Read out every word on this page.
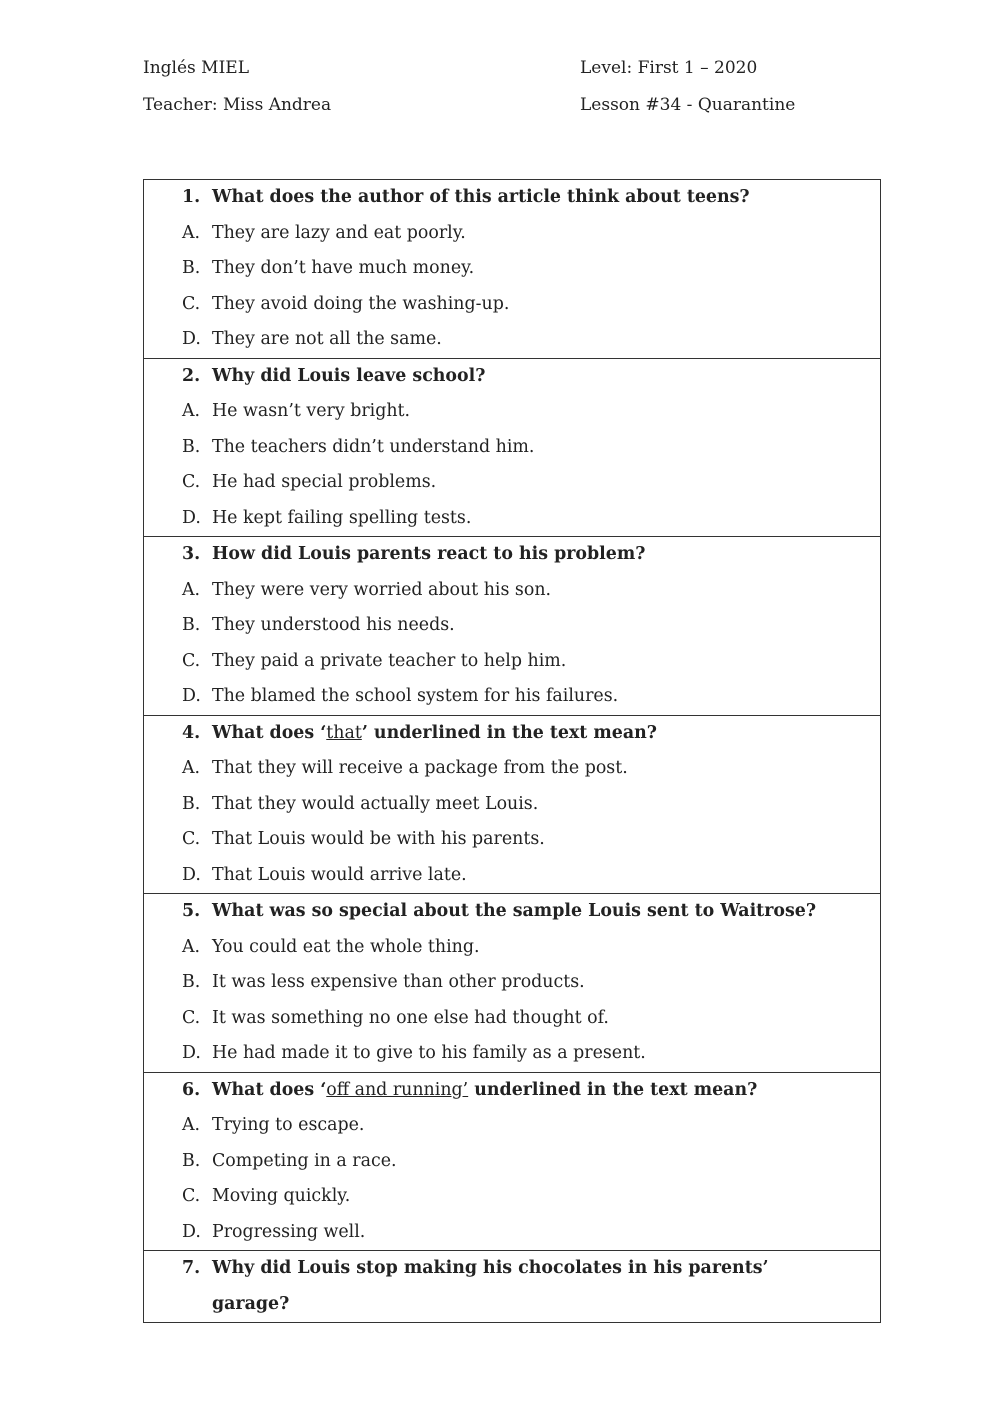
Inglés MIEL	Level: First 1 – 2020
Teacher: Miss Andrea	Lesson #34 - Quarantine
1. What does the author of this article think about teens?
A. They are lazy and eat poorly.
B. They don’t have much money.
C. They avoid doing the washing-up.
D. They are not all the same.
2. Why did Louis leave school?
A. He wasn’t very bright.
B. The teachers didn’t understand him.
C. He had special problems.
D. He kept failing spelling tests.
3. How did Louis parents react to his problem?
A. They were very worried about his son.
B. They understood his needs.
C. They paid a private teacher to help him.
D. The blamed the school system for his failures.
4. What does ‘that’ underlined in the text mean?
A. That they will receive a package from the post.
B. That they would actually meet Louis.
C. That Louis would be with his parents.
D. That Louis would arrive late.
5. What was so special about the sample Louis sent to Waitrose?
A. You could eat the whole thing.
B. It was less expensive than other products.
C. It was something no one else had thought of.
D. He had made it to give to his family as a present.
6. What does ‘off and running’ underlined in the text mean?
A. Trying to escape.
B. Competing in a race.
C. Moving quickly.
D. Progressing well.
7. Why did Louis stop making his chocolates in his parents’
garage?
